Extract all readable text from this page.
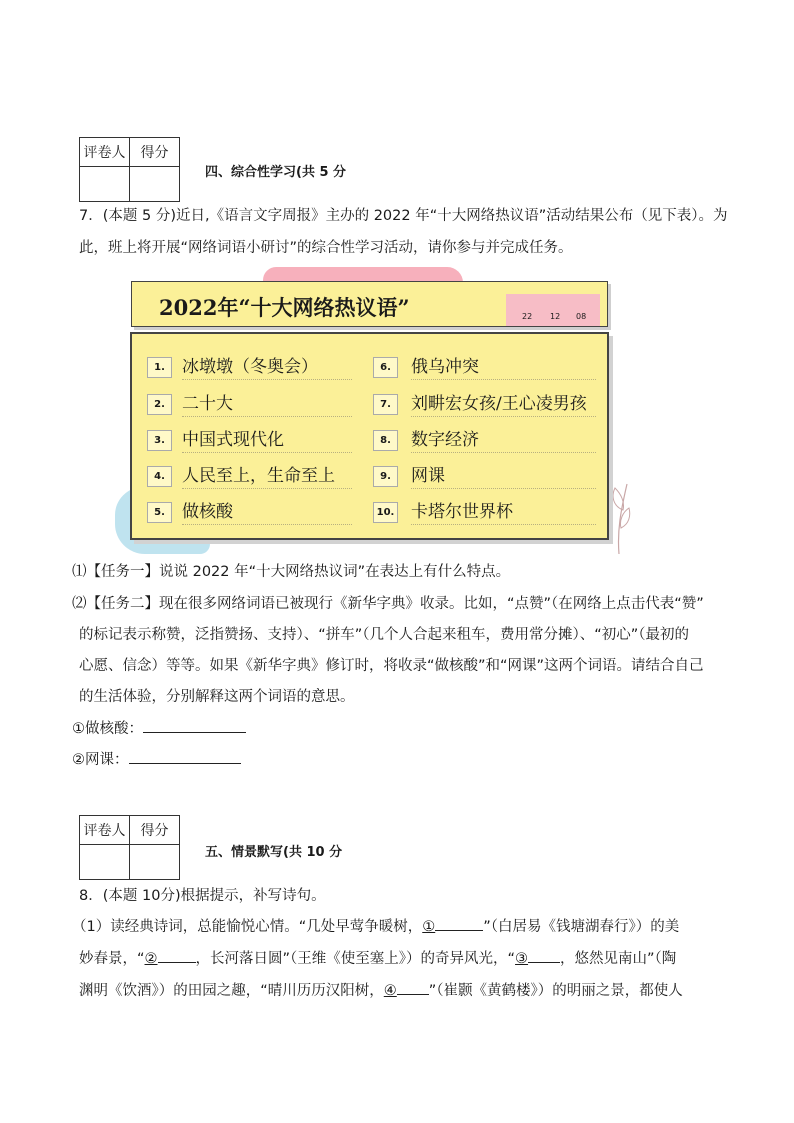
评卷人	得分

四、综合性学习(共 5 分
7．(本题 5 分)近日,《语言文字周报》主办的 2022 年“十大网络热议语”活动结果公布（见下表）。为
此，班上将开展“网络词语小研讨”的综合性学习活动，请你参与并完成任务。
2022年“十大网络热议语”	22 12 08
1.	冰墩墩（冬奥会）
2.	二十大
3.	中国式现代化
4.	人民至上，生命至上
5.	做核酸
6.	俄乌冲突
7.	刘畊宏女孩/王心凌男孩
8.	数字经济
9.	网课
10. 卡塔尔世界杯
⑴【任务一】说说 2022 年“十大网络热议词”在表达上有什么特点。
⑵【任务二】现在很多网络词语已被现行《新华字典》收录。比如，“点赞”（在网络上点击代表“赞”
的标记表示称赞，泛指赞扬、支持）、“拼车”（几个人合起来租车，费用常分摊）、“初心”（最初的
心愿、信念）等等。如果《新华字典》修订时，将收录“做核酸”和“网课”这两个词语。请结合自己
的生活体验，分别解释这两个词语的意思。
①做核酸：
②网课：
评卷人	得分

五、情景默写(共 10 分
8．(本题 10分)根据提示，补写诗句。
（1）读经典诗词，总能愉悦心情。“几处早莺争暖树，①	”（白居易《钱塘湖春行》）的美
妙春景，“②	，长河落日圆”（王维《使至塞上》）的奇异风光，“③ ，悠然见南山”（陶
渊明《饮酒》）的田园之趣，“晴川历历汉阳树，④ ”（崔颢《黄鹤楼》）的明丽之景，都使人
